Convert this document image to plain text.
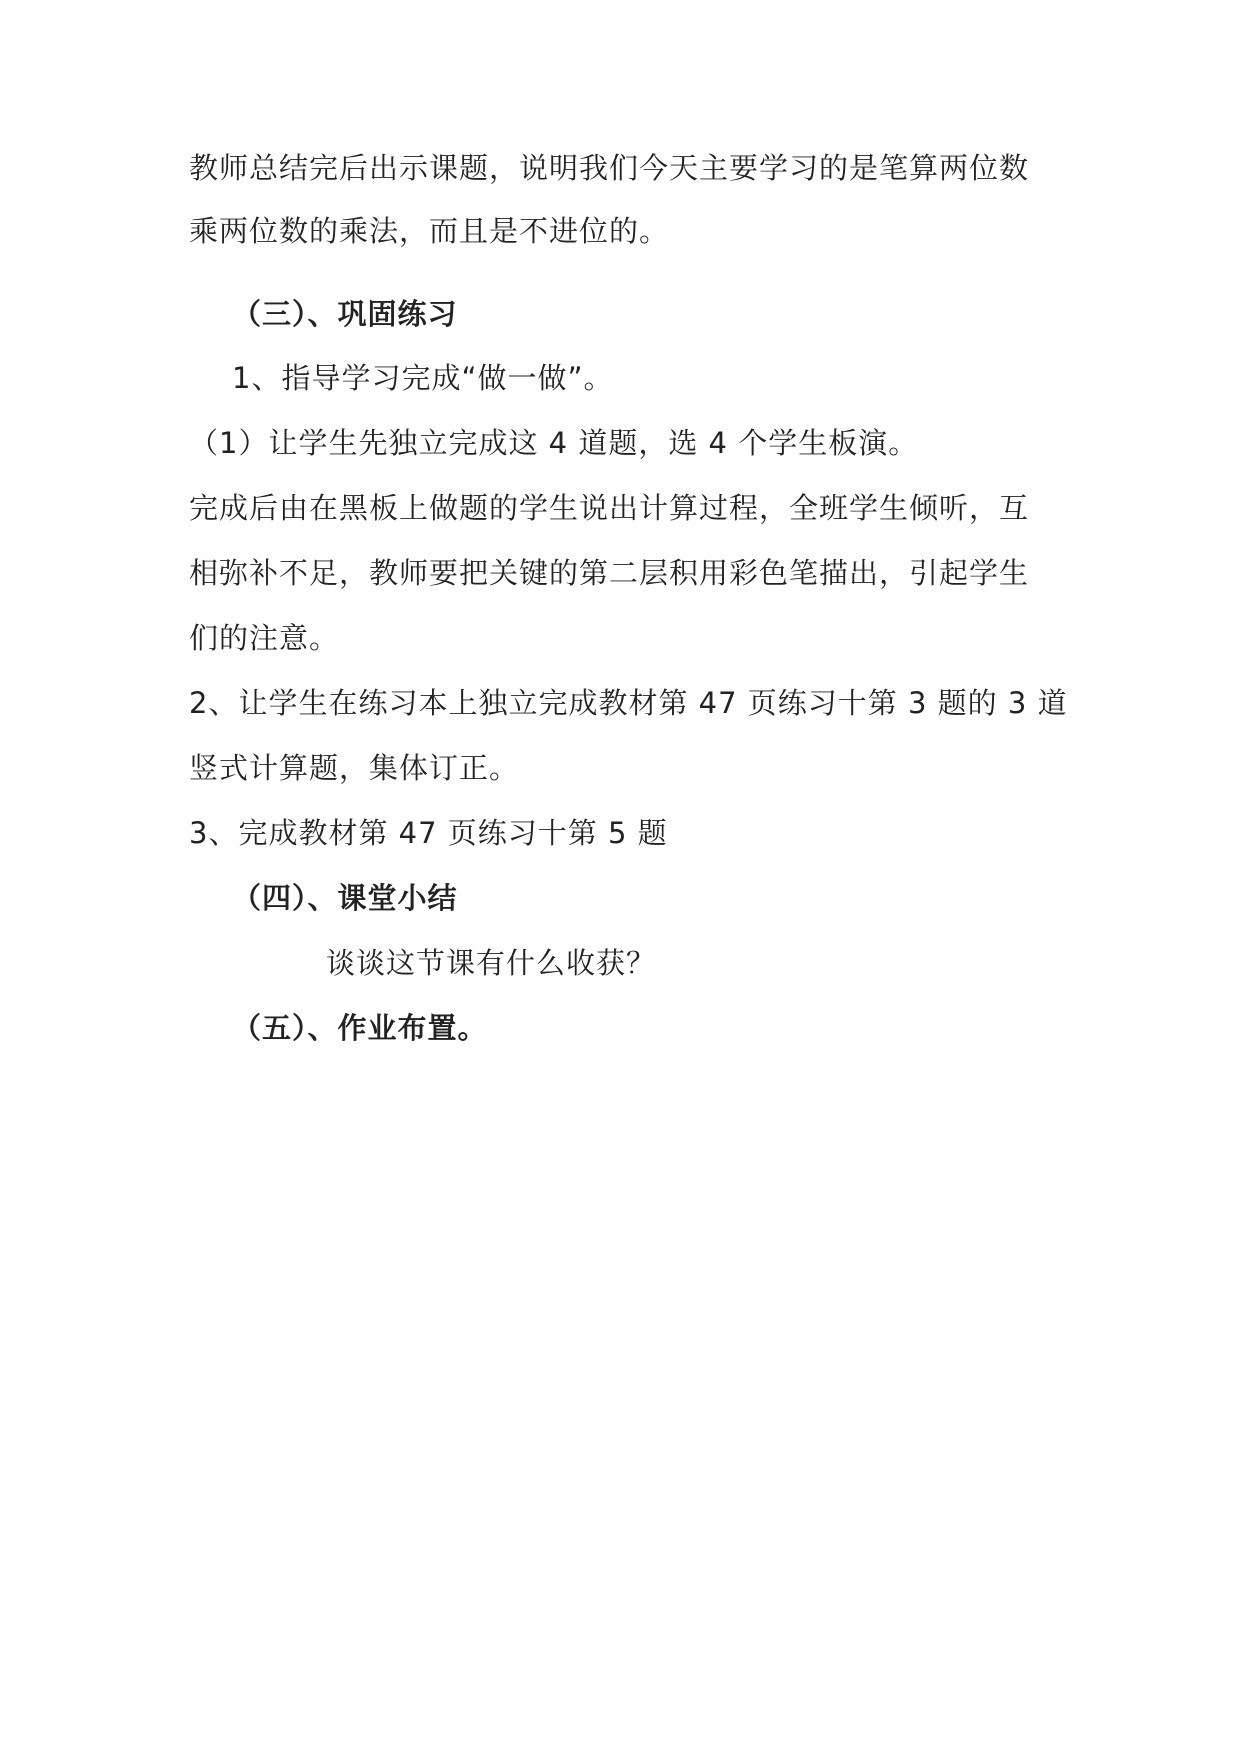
教师总结完后出示课题，说明我们今天主要学习的是笔算两位数
乘两位数的乘法，而且是不进位的。
（三）、巩固练习
1、指导学习完成“做一做”。
（1）让学生先独立完成这 4 道题，选 4 个学生板演。
完成后由在黑板上做题的学生说出计算过程，全班学生倾听，互
相弥补不足，教师要把关键的第二层积用彩色笔描出，引起学生
们的注意。
2、让学生在练习本上独立完成教材第 47 页练习十第 3 题的 3 道
竖式计算题，集体订正。
3、完成教材第 47 页练习十第 5 题
（四）、课堂小结
谈谈这节课有什么收获？
（五）、作业布置。
